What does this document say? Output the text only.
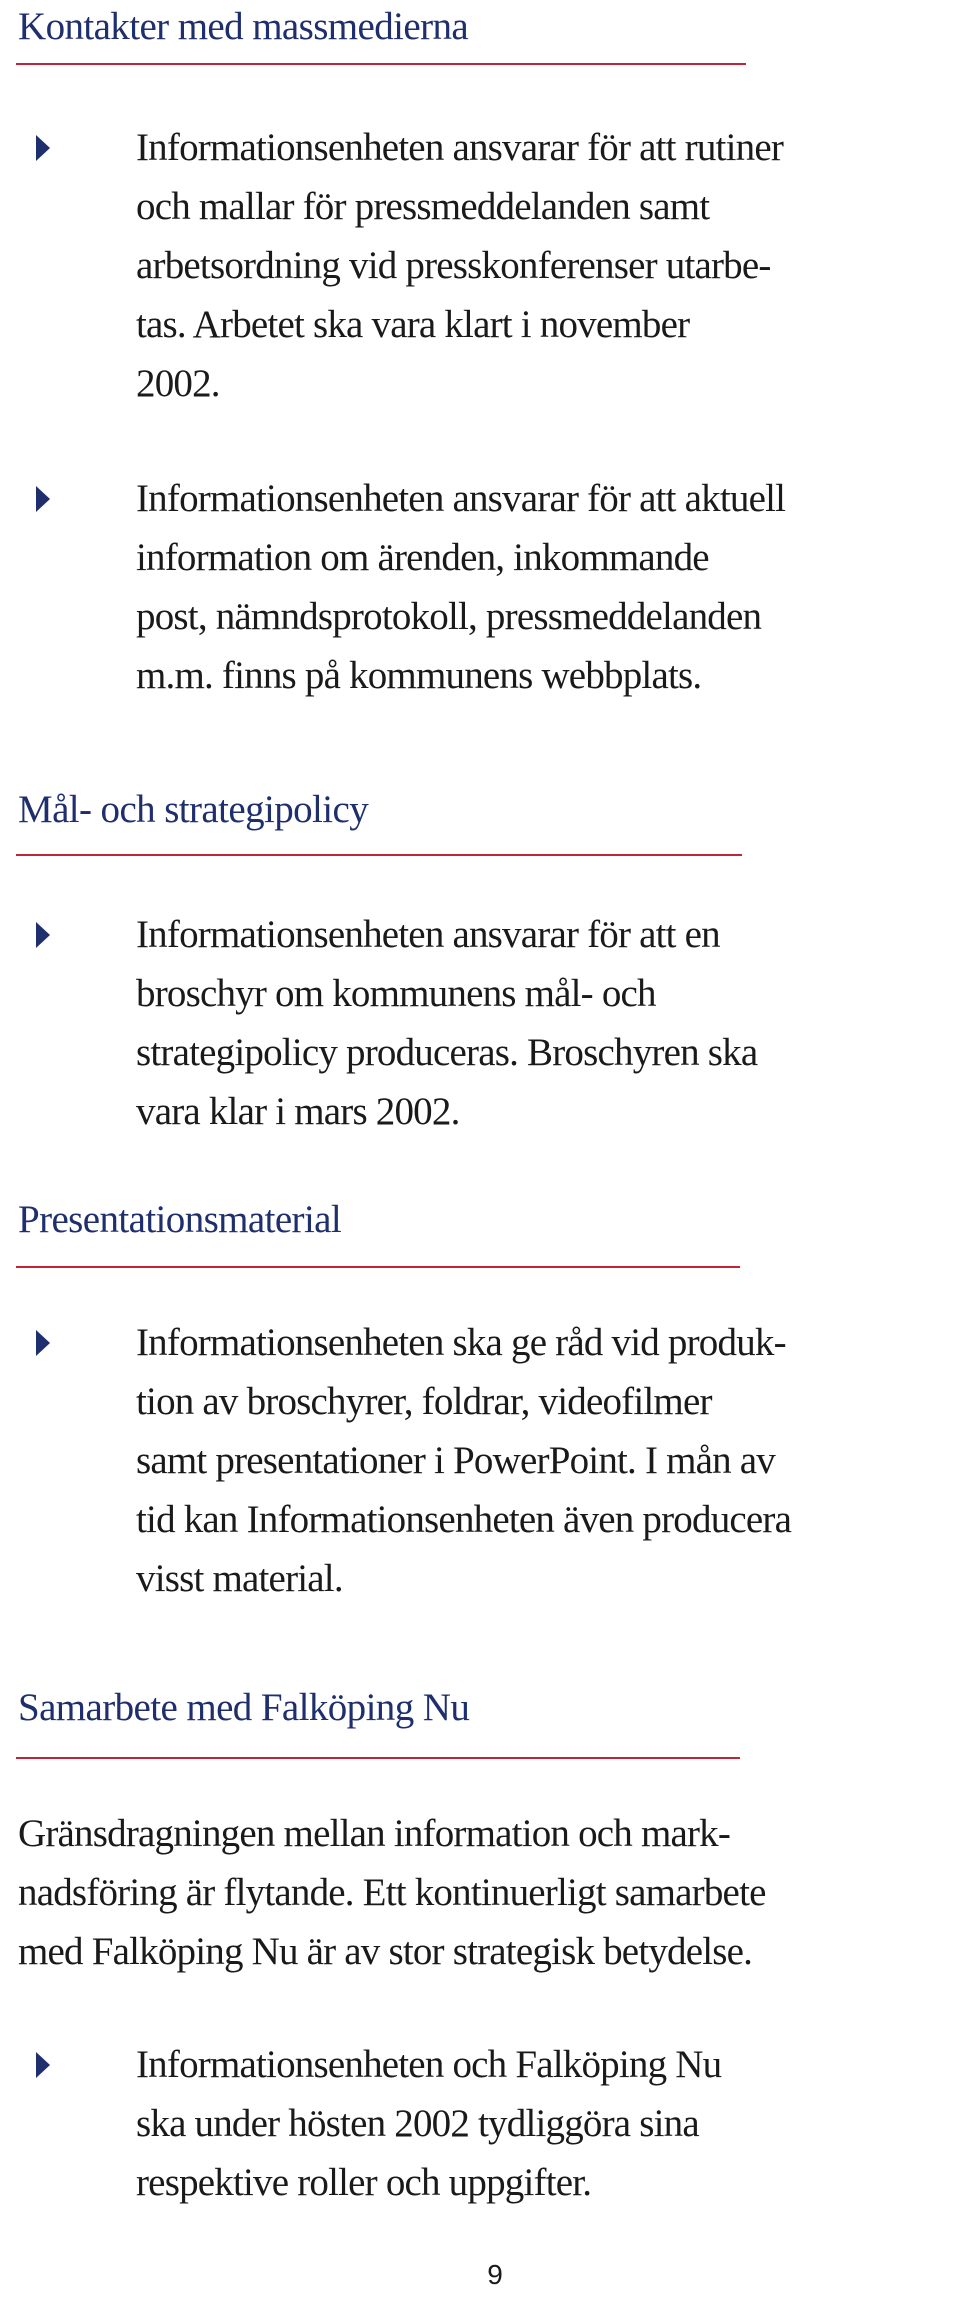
Kontakter med massmedierna
Informationsenheten ansvarar för att rutiner
och mallar för pressmeddelanden samt
arbetsordning vid presskonferenser utarbe-
tas. Arbetet ska vara klart i november
2002.
Informationsenheten ansvarar för att aktuell
information om ärenden, inkommande
post, nämndsprotokoll, pressmeddelanden
m.m. finns på kommunens webbplats.
Mål- och strategipolicy
Informationsenheten ansvarar för att en
broschyr om kommunens mål- och
strategipolicy produceras. Broschyren ska
vara klar i mars 2002.
Presentationsmaterial
Informationsenheten ska ge råd vid produk-
tion av broschyrer, foldrar, videofilmer
samt presentationer i PowerPoint. I mån av
tid kan Informationsenheten även producera
visst material.
Samarbete med Falköping Nu
Gränsdragningen mellan information och mark-
nadsföring är flytande. Ett kontinuerligt samarbete
med Falköping Nu är av stor strategisk betydelse.
Informationsenheten och Falköping Nu
ska under hösten 2002 tydliggöra sina
respektive roller och uppgifter.
9
